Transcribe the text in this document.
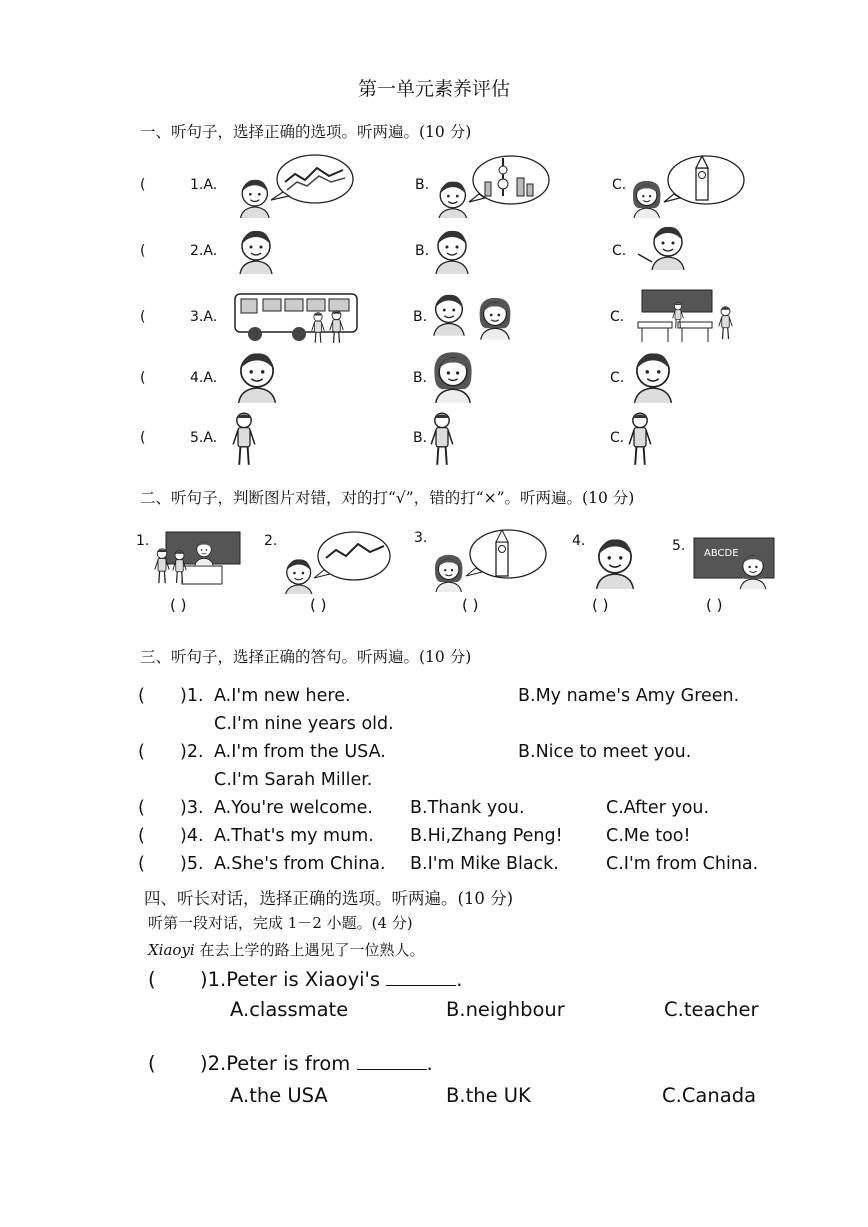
第一单元素养评估
一、听句子，选择正确的选项。听两遍。(10 分)
(	1.A.	B.	C.
(	2.A.	B.	C.
(	3.A.	B.	C.
(	4.A.	B.	C.
(	5.A.	B.	C.
二、听句子，判断图片对错，对的打“√”，错的打“×”。听两遍。(10 分)
1.
( )
2.
( )
3.
( )
4.
( )
5. ABCDE
( )
三、听句子，选择正确的答句。听两遍。(10 分)
( )1. A.I'm new here.	B.My name's Amy Green.
C.I'm nine years old.
( )2. A.I'm from the USA.	B.Nice to meet you.
C.I'm Sarah Miller.
( )3. A.You're welcome. B.Thank you.	C.After you.
( )4. A.That's my mum. B.Hi,Zhang Peng! C.Me too!
( )5. A.She's from China. B.I'm Mike Black.	C.I'm from China.
四、听长对话，选择正确的选项。听两遍。(10 分)
听第一段对话，完成 1－2 小题。(4 分)
Xiaoyi 在去上学的路上遇见了一位熟人。
( )1.Peter is Xiaoyi's	.
A.classmate	B.neighbour	C.teacher
( )2.Peter is from	.
A.the USA	B.the UK	C.Canada
